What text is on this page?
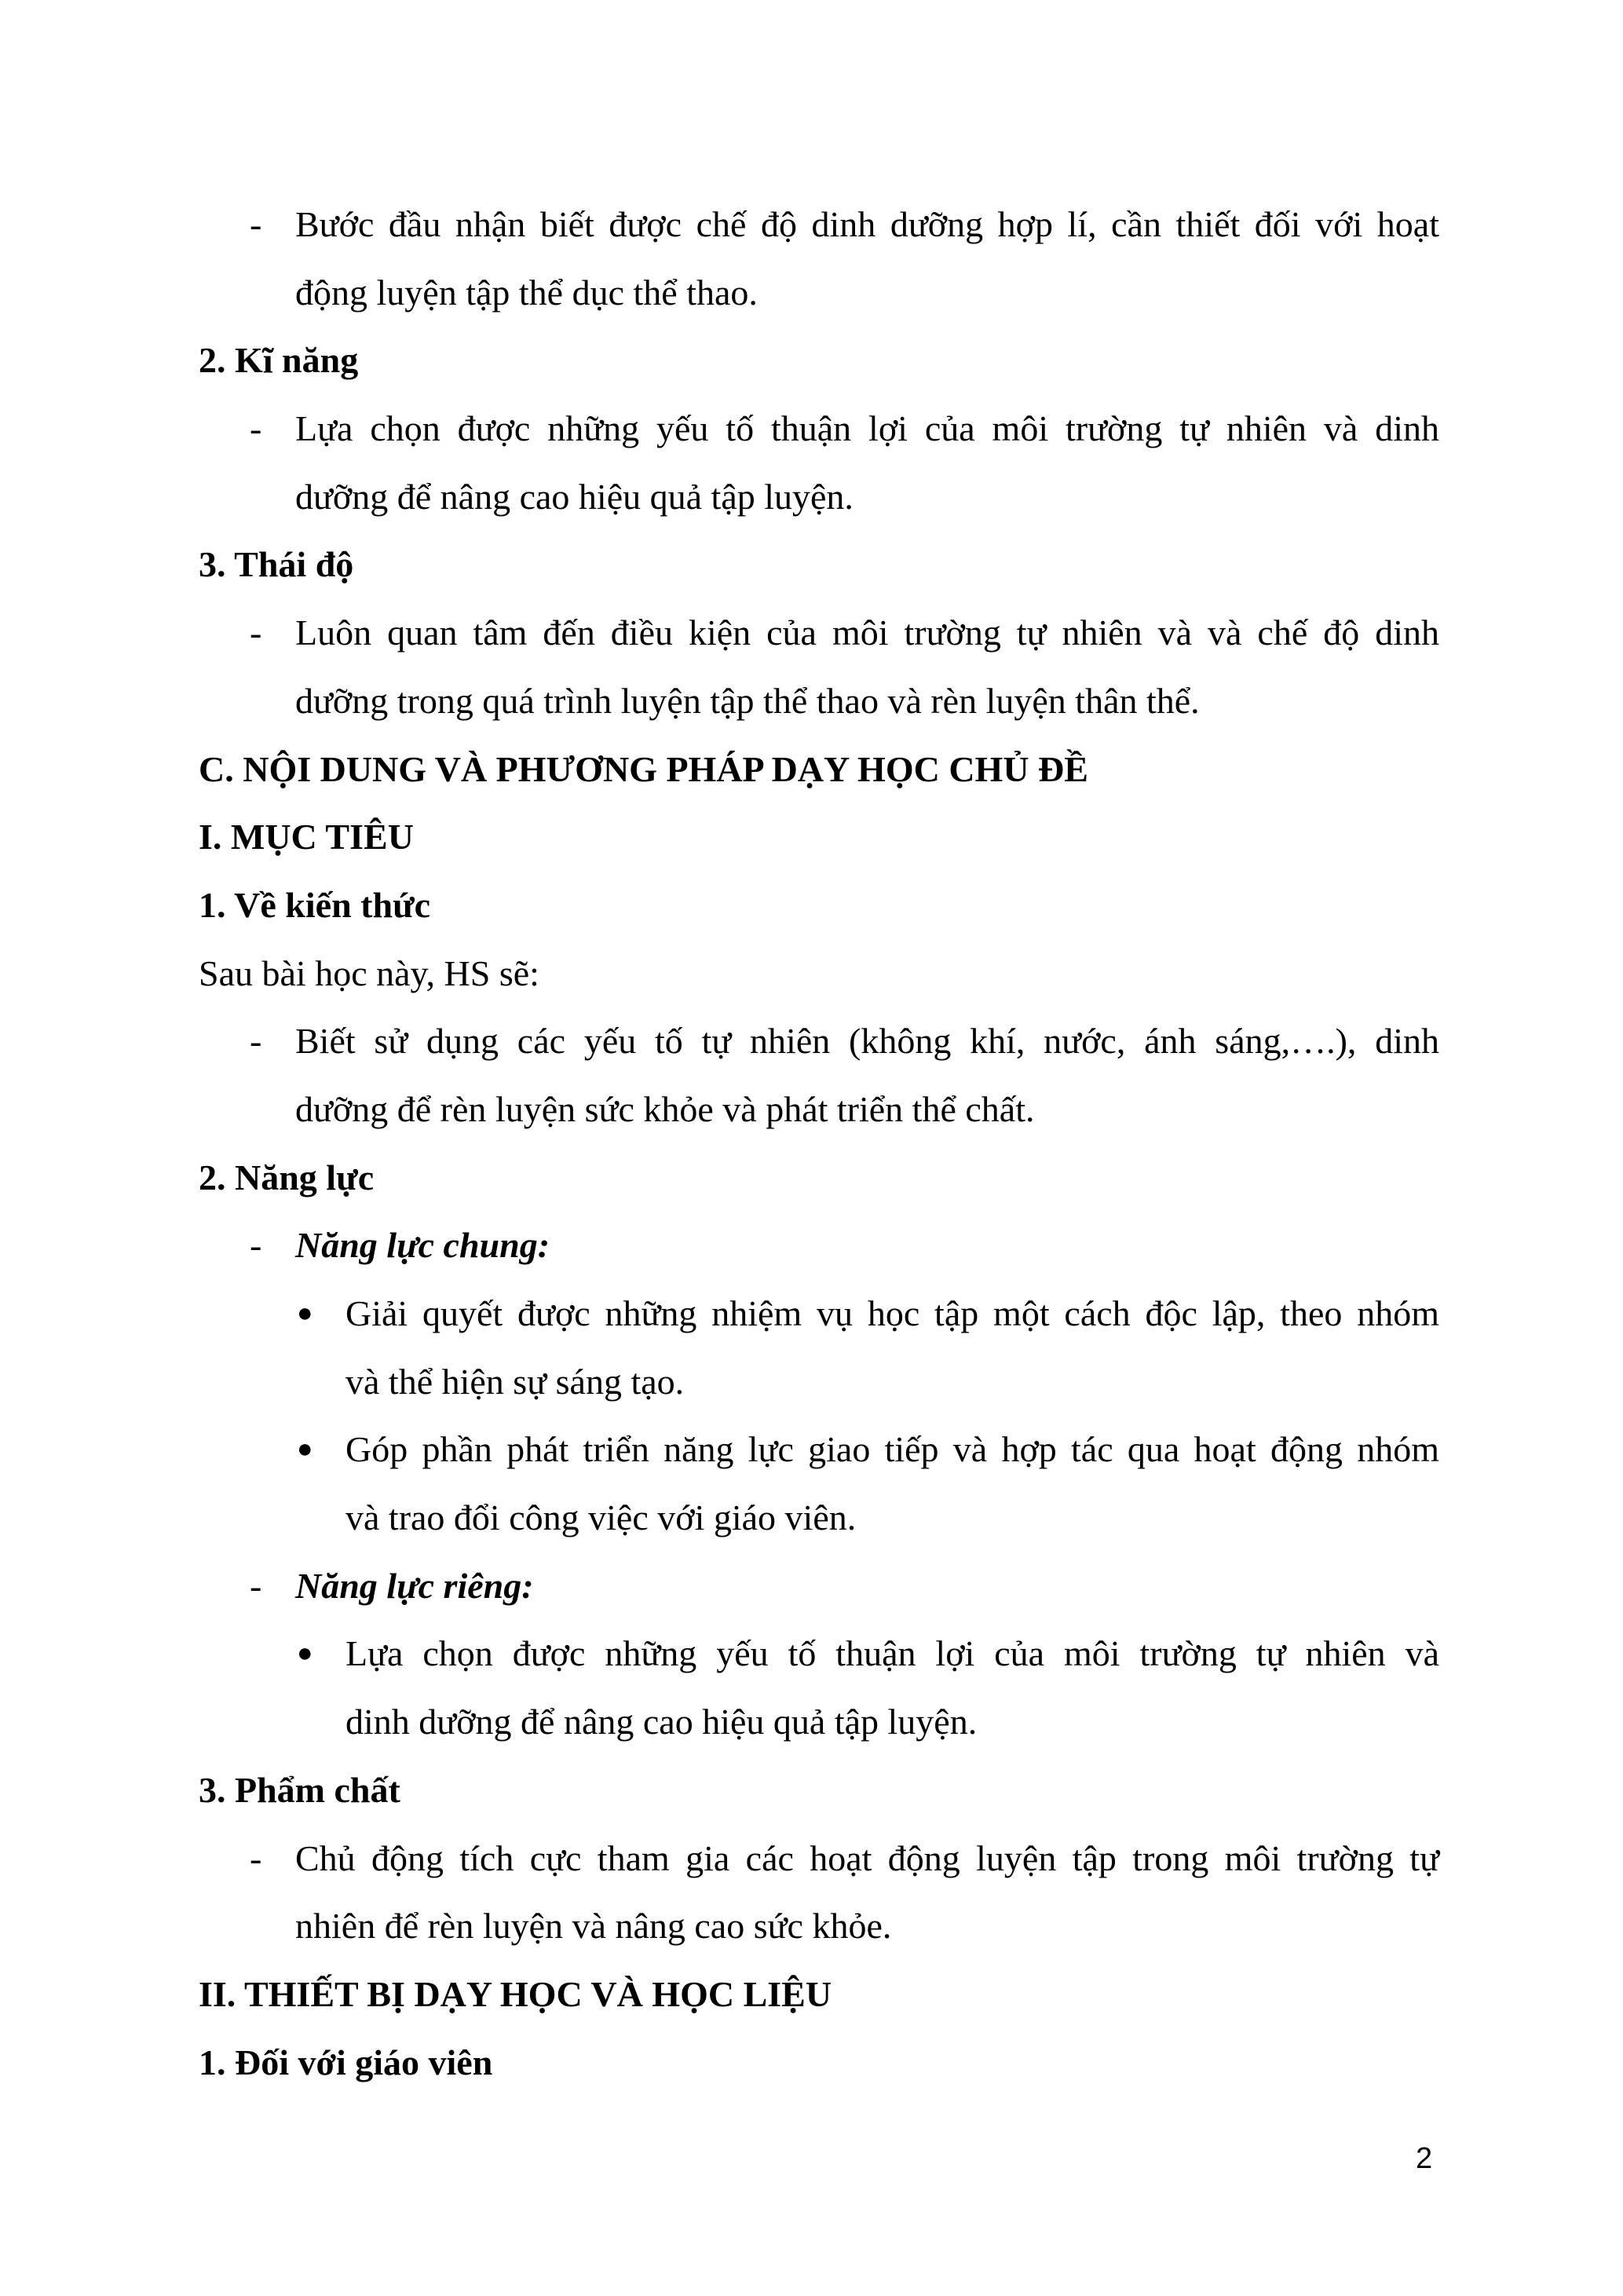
- Bước đầu nhận biết được chế độ dinh dưỡng hợp lí, cần thiết đối với hoạt
động luyện tập thể dục thể thao.
2. Kĩ năng
- Lựa chọn được những yếu tố thuận lợi của môi trường tự nhiên và dinh
dưỡng để nâng cao hiệu quả tập luyện.
3. Thái độ
- Luôn quan tâm đến điều kiện của môi trường tự nhiên và và chế độ dinh
dưỡng trong quá trình luyện tập thể thao và rèn luyện thân thể.
C. NỘI DUNG VÀ PHƯƠNG PHÁP DẠY HỌC CHỦ ĐỀ
I. MỤC TIÊU
1. Về kiến thức
Sau bài học này, HS sẽ:
- Biết sử dụng các yếu tố tự nhiên (không khí, nước, ánh sáng,….), dinh
dưỡng để rèn luyện sức khỏe và phát triển thể chất.
2. Năng lực
- Năng lực chung:
● Giải quyết được những nhiệm vụ học tập một cách độc lập, theo nhóm
và thể hiện sự sáng tạo.
● Góp phần phát triển năng lực giao tiếp và hợp tác qua hoạt động nhóm
và trao đổi công việc với giáo viên.
- Năng lực riêng:
● Lựa chọn được những yếu tố thuận lợi của môi trường tự nhiên và
dinh dưỡng để nâng cao hiệu quả tập luyện.
3. Phẩm chất
- Chủ động tích cực tham gia các hoạt động luyện tập trong môi trường tự
nhiên để rèn luyện và nâng cao sức khỏe.
II. THIẾT BỊ DẠY HỌC VÀ HỌC LIỆU
1. Đối với giáo viên
2
